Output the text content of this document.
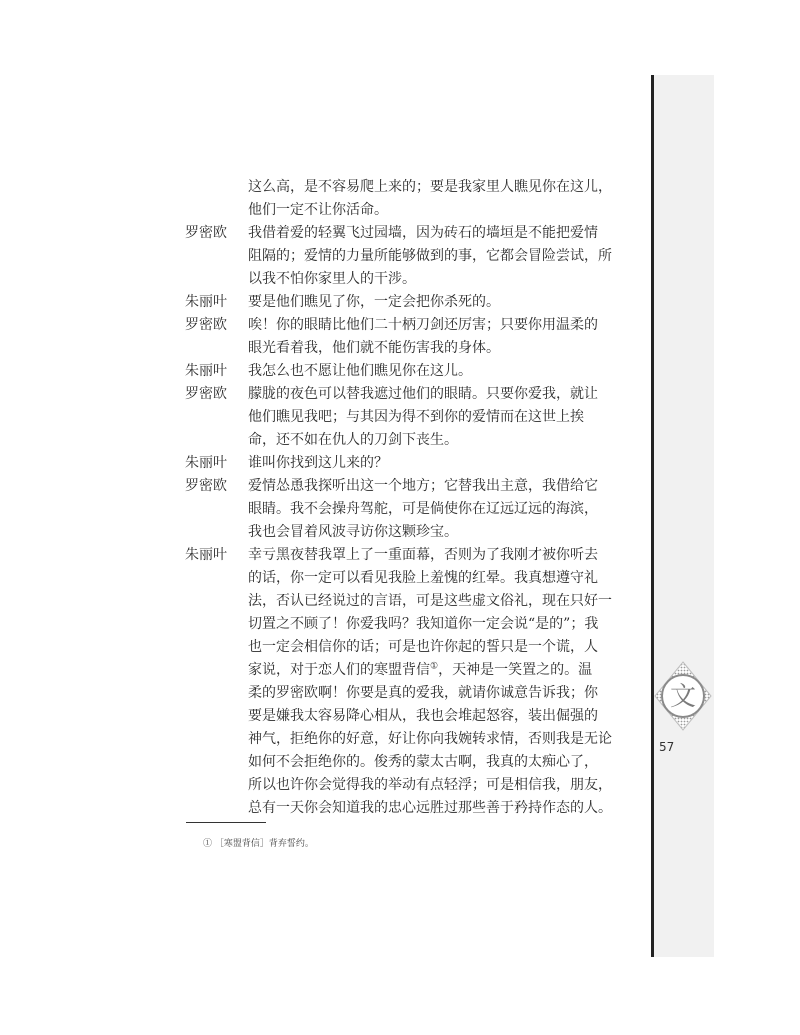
文
57
这么高，是不容易爬上来的；要是我家里人瞧见你在这儿，
他们一定不让你活命。
罗密欧	我借着爱的轻翼飞过园墙，因为砖石的墙垣是不能把爱情
阻隔的；爱情的力量所能够做到的事，它都会冒险尝试，所
以我不怕你家里人的干涉。
朱丽叶	要是他们瞧见了你，一定会把你杀死的。
罗密欧	唉！你的眼睛比他们二十柄刀剑还厉害；只要你用温柔的
眼光看着我，他们就不能伤害我的身体。
朱丽叶	我怎么也不愿让他们瞧见你在这儿。
罗密欧	朦胧的夜色可以替我遮过他们的眼睛。只要你爱我，就让
他们瞧见我吧；与其因为得不到你的爱情而在这世上挨
命，还不如在仇人的刀剑下丧生。
朱丽叶	谁叫你找到这儿来的？
罗密欧	爱情怂恿我探听出这一个地方；它替我出主意，我借给它
眼睛。我不会操舟驾舵，可是倘使你在辽远辽远的海滨，
我也会冒着风波寻访你这颗珍宝。
朱丽叶	幸亏黑夜替我罩上了一重面幕，否则为了我刚才被你听去
的话，你一定可以看见我脸上羞愧的红晕。我真想遵守礼
法，否认已经说过的言语，可是这些虚文俗礼，现在只好一
切置之不顾了！你爱我吗？我知道你一定会说“是的”；我
也一定会相信你的话；可是也许你起的誓只是一个谎，人
家说，对于恋人们的寒盟背信①，天神是一笑置之的。温
柔的罗密欧啊！你要是真的爱我，就请你诚意告诉我；你
要是嫌我太容易降心相从，我也会堆起怒容，装出倔强的
神气，拒绝你的好意，好让你向我婉转求情，否则我是无论
如何不会拒绝你的。俊秀的蒙太古啊，我真的太痴心了，
所以也许你会觉得我的举动有点轻浮；可是相信我，朋友，
总有一天你会知道我的忠心远胜过那些善于矜持作态的人。
① ［寒盟背信］背弃誓约。
